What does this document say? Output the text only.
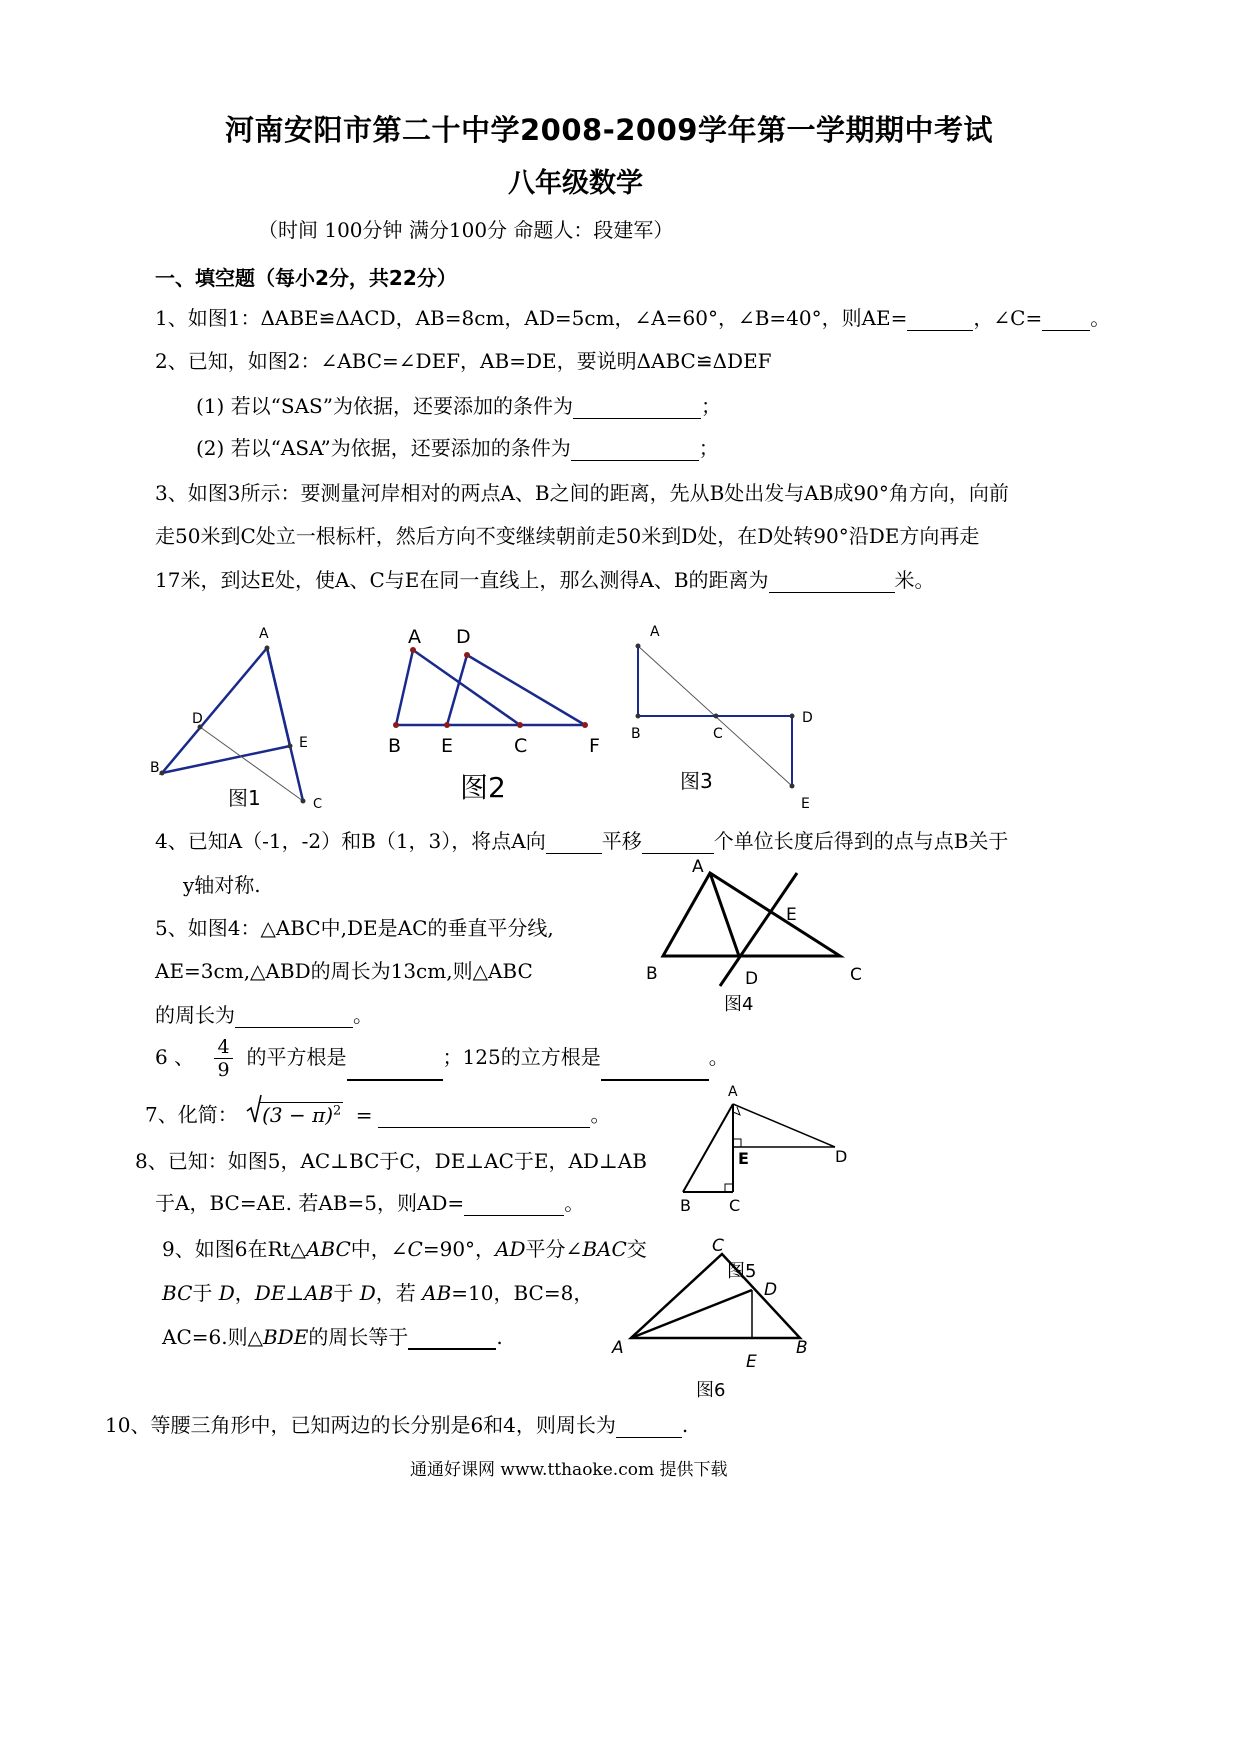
河南安阳市第二十中学2008-2009学年第一学期期中考试
八年级数学
（时间 100分钟 满分100分 命题人：段建军）
一、填空题（每小2分，共22分）
1、如图1：ΔABE≌ΔACD，AB=8cm，AD=5cm，∠A=60°，∠B=40°，则AE=	，∠C= 。
2、已知，如图2：∠ABC=∠DEF，AB=DE，要说明ΔABC≌ΔDEF
(1) 若以“SAS”为依据，还要添加的条件为	；
(2) 若以“ASA”为依据，还要添加的条件为	；
3、如图3所示：要测量河岸相对的两点A、B之间的距离，先从B处出发与AB成90°角方向，向前
走50米到C处立一根标杆，然后方向不变继续朝前走50米到D处，在D处转90°沿DE方向再走
17米，到达E处，使A、C与E在同一直线上，那么测得A、B的距离为	米。
A
D
E
B
C
图1
A D
B E	C	F
图2
A
B	C
D
E
图3
4、已知A（-1，-2）和B（1，3），将点A向	平移	个单位长度后得到的点与点B关于
y轴对称.
5、如图4：△ABC中,DE是AC的垂直平分线,
AE=3cm,△ABD的周长为13cm,则△ABC
的周长为	。
A
E
B	D	C
图4
6 、 $\frac{4}{9}$ 的平方根是	；125的立方根是	。
7、化简： $(3 - \pi)^2$ =	。
A
E	D
B C
图5
8、已知：如图5，AC⊥BC于C，DE⊥AC于E，AD⊥AB
于A，BC=AE. 若AB=5，则AD=	。
9、如图6在Rt△ABC中，∠C=90°，AD平分∠BAC交
BC于 D，DE⊥AB于 D，若 AB=10，BC=8，
AC=6.则△BDE的周长等于	.
C
D
A	B
E
图6
10、等腰三角形中，已知两边的长分别是6和4，则周长为	.
通通好课网 www.tthaoke.com 提供下载
